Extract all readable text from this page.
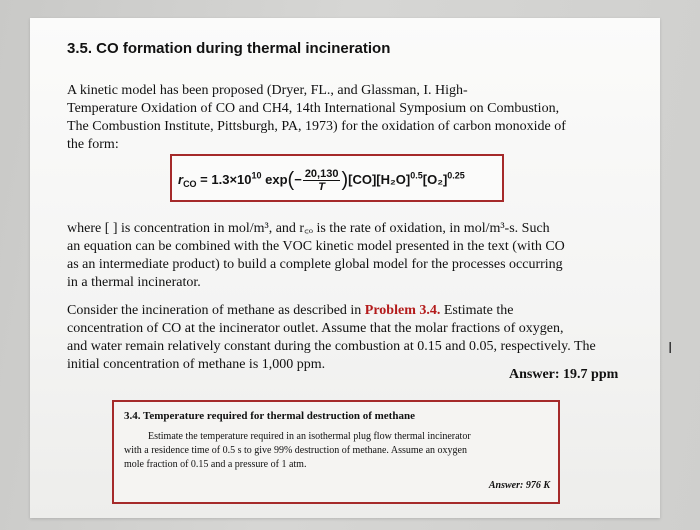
3.5. CO formation during thermal incineration
A kinetic model has been proposed (Dryer, FL., and Glassman, I. High-
Temperature Oxidation of CO and CH4, 14th International Symposium on Combustion,
The Combustion Institute, Pittsburgh, PA, 1973) for the oxidation of carbon monoxide of
the form:
$r_{CO} = 1.3\times 10^{10}$ $\exp(- \frac{20,130}{T} )[CO][H_2O]^{0.5}[O_2]^{0.25}$
where [ ] is concentration in mol/m³, and r꜀ₒ is the rate of oxidation, in mol/m³-s. Such
an equation can be combined with the VOC kinetic model presented in the text (with CO
as an intermediate product) to build a complete global model for the processes occurring
in a thermal incinerator.
Consider the incineration of methane as described in Problem 3.4. Estimate the
concentration of CO at the incinerator outlet. Assume that the molar fractions of oxygen,
and water remain relatively constant during the combustion at 0.15 and 0.05, respectively. The
initial concentration of methane is 1,000 ppm.
Answer: 19.7 ppm
3.4. Temperature required for thermal destruction of methane
Estimate the temperature required in an isothermal plug flow thermal incinerator
with a residence time of 0.5 s to give 99% destruction of methane. Assume an oxygen
mole fraction of 0.15 and a pressure of 1 atm.
Answer: 976 K
I
